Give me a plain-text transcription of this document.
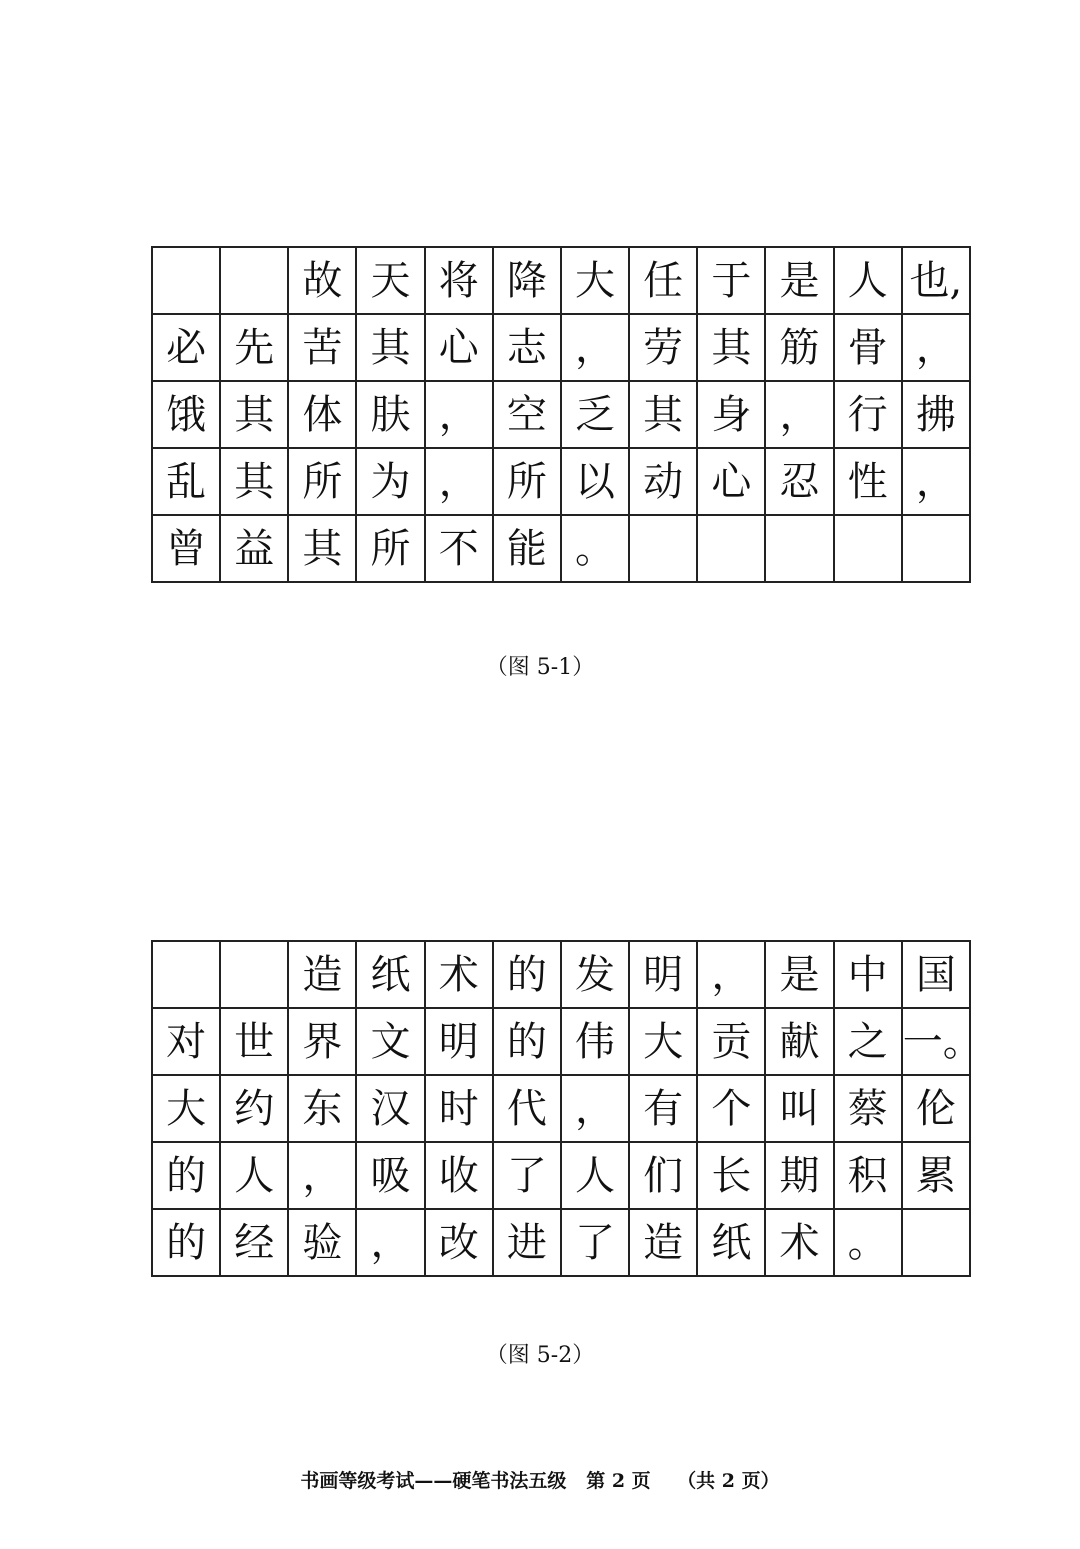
		故	天	将	降	大	任	于	是	人	也,
必	先	苦	其	心	志	，	劳	其	筋	骨	，
饿	其	体	肤	，	空	乏	其	身	，	行	拂
乱	其	所	为	，	所	以	动	心	忍	性	，
曾	益	其	所	不	能	。					
（图 5-1）
		造	纸	术	的	发	明	，	是	中	国
对	世	界	文	明	的	伟	大	贡	献	之	一。
大	约	东	汉	时	代	，	有	个	叫	蔡	伦
的	人	，	吸	收	了	人	们	长	期	积	累
的	经	验	，	改	进	了	造	纸	术	。	
（图 5-2）
书画等级考试——硬笔书法五级   第 2 页    （共 2 页）
